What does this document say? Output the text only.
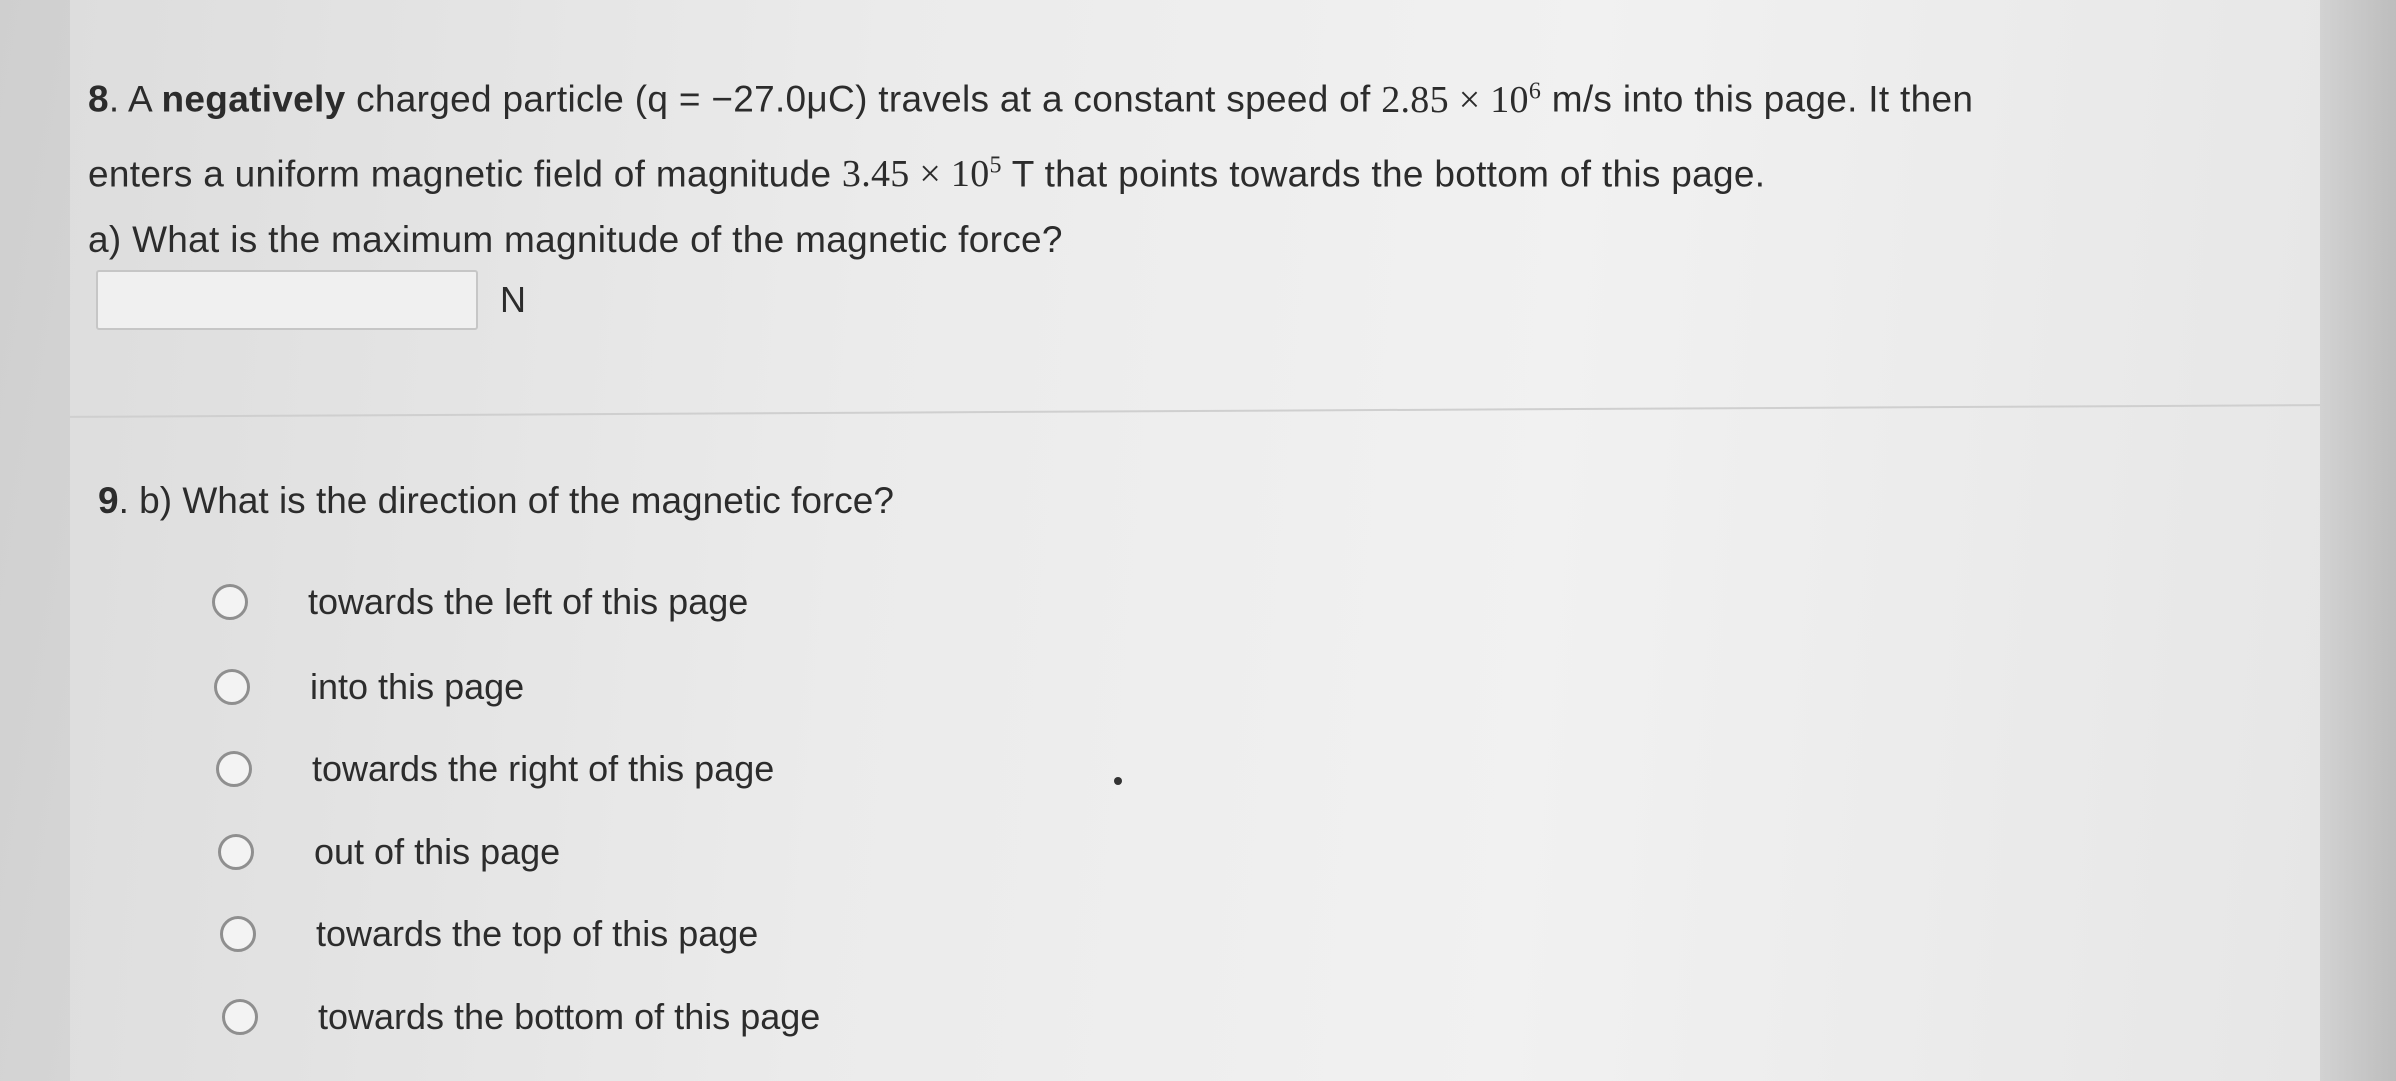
8. A negatively charged particle (q = −27.0μC) travels at a constant speed of $2.85 \times 10^6$ m/s into this page. It then

enters a uniform magnetic field of magnitude $3.45 \times 10^5$ T that points towards the bottom of this page.

a) What is the maximum magnitude of the magnetic force?

N
9. b) What is the direction of the magnetic force?
towards the left of this page
into this page
towards the right of this page
out of this page
towards the top of this page
towards the bottom of this page
